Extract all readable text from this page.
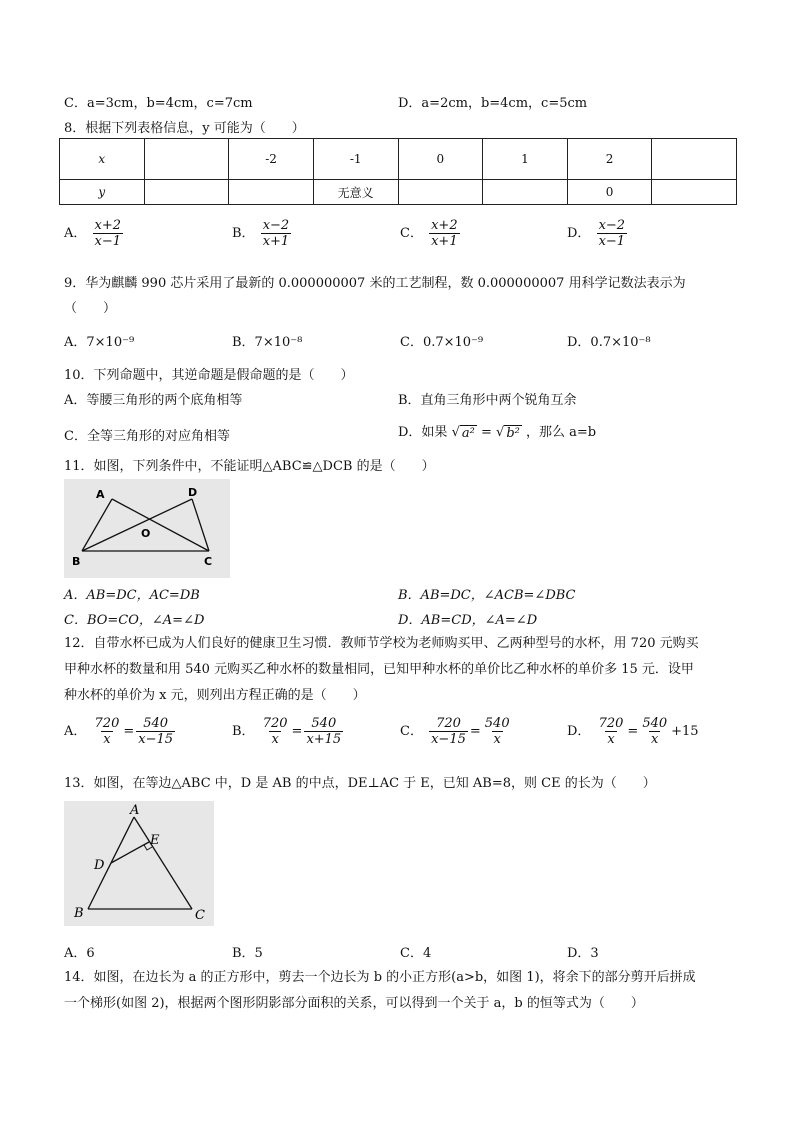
C．a=3cm，b=4cm，c=7cm	D．a=2cm，b=4cm，c=5cm
8．根据下列表格信息，y 可能为（　　）
x		-2	-1	0	1	2	
y			无意义			0	
A． $\frac{x+2}{x-1}$	B． $\frac{x-2}{x+1}$	C． $\frac{x+2}{x+1}$	D． $\frac{x-2}{x-1}$
9．华为麒麟 990 芯片采用了最新的 0.000000007 米的工艺制程，数 0.000000007 用科学记数法表示为
（　　）
A．7×10⁻⁹	B．7×10⁻⁸	C．0.7×10⁻⁹	D．0.7×10⁻⁸
10．下列命题中，其逆命题是假命题的是（　　）
A．等腰三角形的两个底角相等	B．直角三角形中两个锐角互余
C．全等三角形的对应角相等	D．如果 √ a² = √ b² ，那么 a=b
11．如图，下列条件中，不能证明△ABC≌△DCB 的是（　　）
A	D
O
B	C
A．AB=DC，AC=DB	B．AB=DC，∠ACB=∠DBC
C．BO=CO，∠A=∠D	D．AB=CD，∠A=∠D
12．自带水杯已成为人们良好的健康卫生习惯．教师节学校为老师购买甲、乙两种型号的水杯，用 720 元购买
甲种水杯的数量和用 540 元购买乙种水杯的数量相同，已知甲种水杯的单价比乙种水杯的单价多 15 元．设甲
种水杯的单价为 x 元，则列出方程正确的是（　　）
A． $\frac{720}{x} = \frac{540}{x-15}$	B． $\frac{720}{x} = \frac{540}{x+15}$	C． $\frac{720}{x-15} = \frac{540}{x}$	D． $\frac{720}{x} = \frac{540}{x} +15$
13．如图，在等边△ABC 中，D 是 AB 的中点，DE⊥AC 于 E，已知 AB=8，则 CE 的长为（　　）
A
E
D
B	C
A．6	B．5	C．4	D．3
14．如图，在边长为 a 的正方形中，剪去一个边长为 b 的小正方形(a>b，如图 1)，将余下的部分剪开后拼成
一个梯形(如图 2)，根据两个图形阴影部分面积的关系，可以得到一个关于 a，b 的恒等式为（　　）
